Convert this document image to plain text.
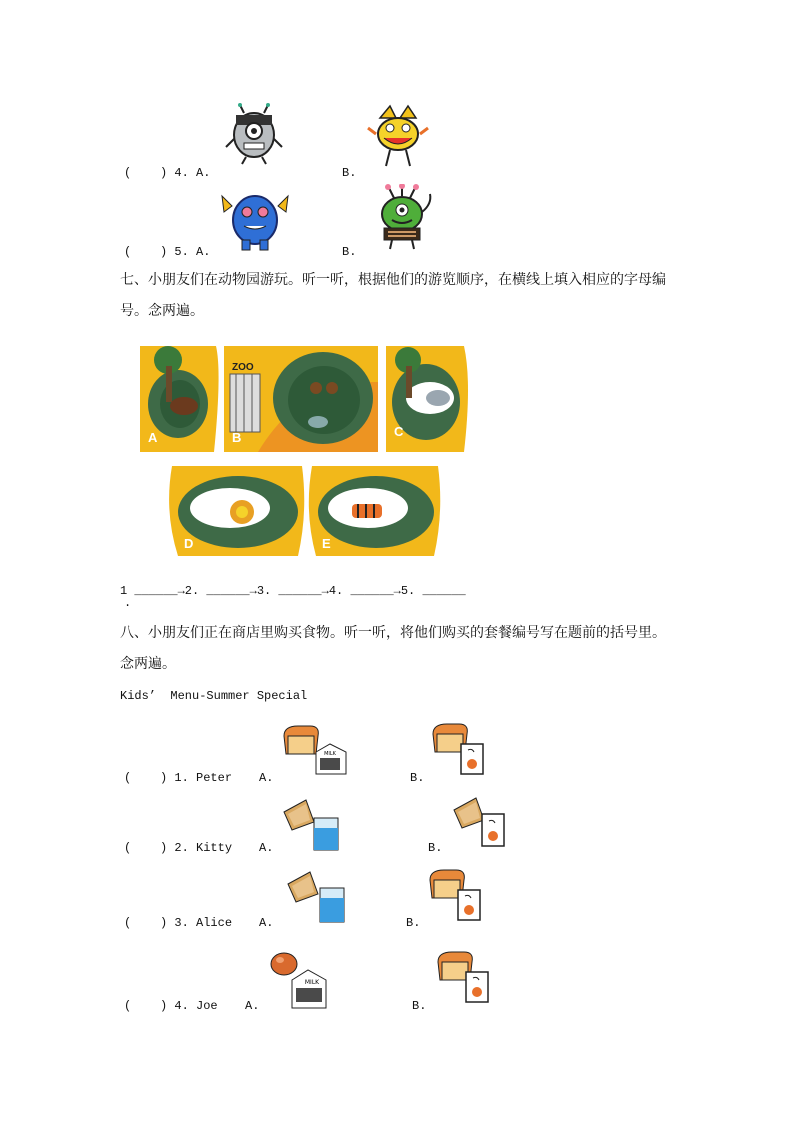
(    ) 4. A.	B.
(    ) 5. A.	B.
七、小朋友们在动物园游玩。听一听，根据他们的游览顺序，在横线上填入相应的字母编
号。念两遍。
A
ZOO
B	C
D	E
1 ______→2. ______→3. ______→4. ______→5. ______
.
八、小朋友们正在商店里购买食物。听一听，将他们购买的套餐编号写在题前的括号里。
念两遍。
Kids’  Menu-Summer Special
(    ) 1. Peter A.	B.
(    ) 2. Kitty A.	B.
(    ) 3. Alice A.	B.
(    ) 4. Joe A.	B.
MILK
MILK
